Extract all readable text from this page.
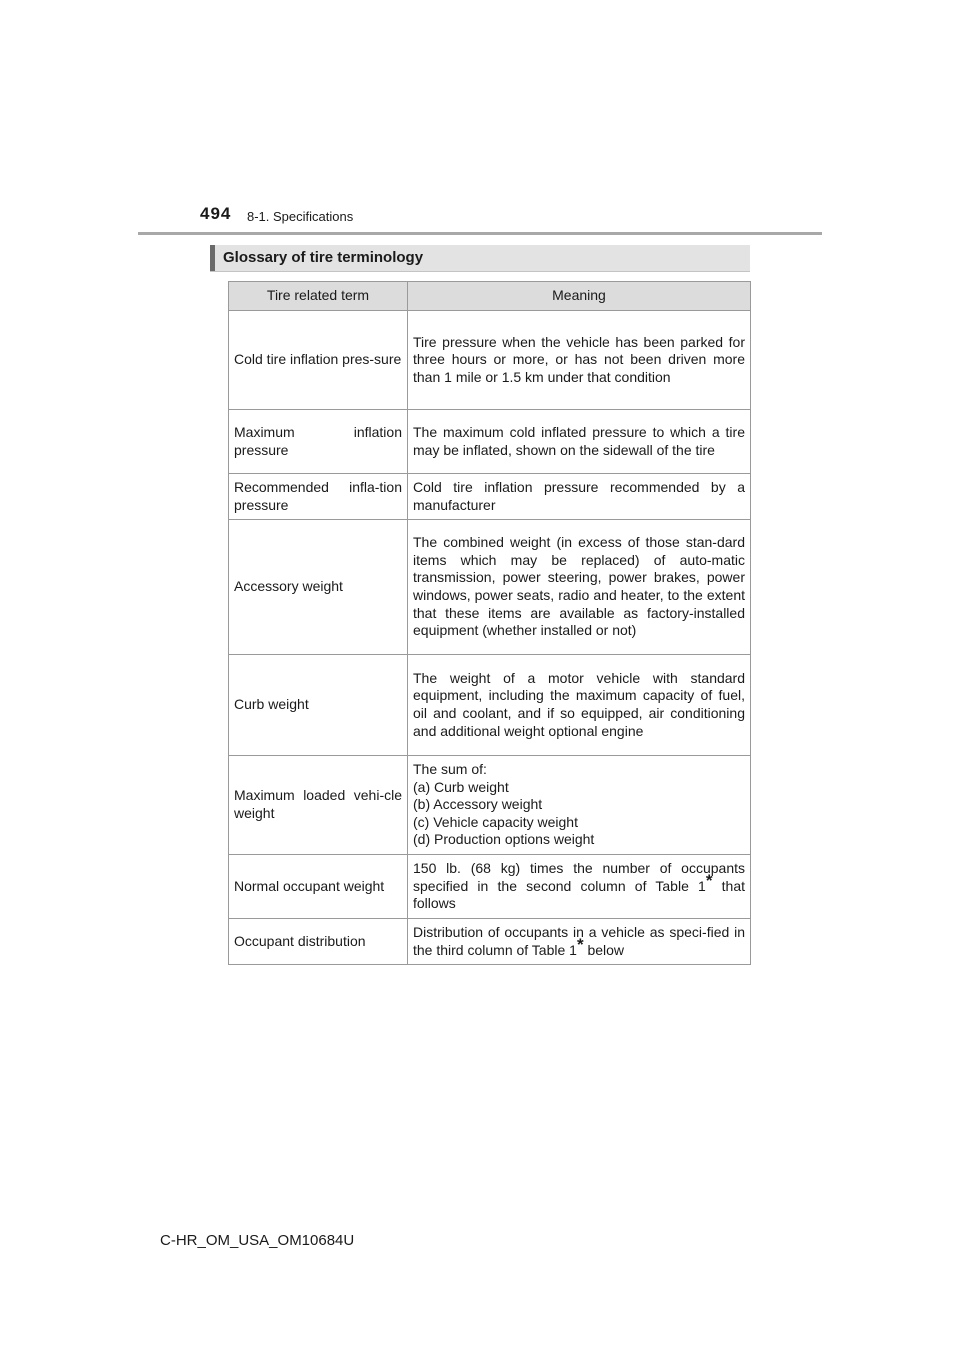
494 8-1. Specifications
Glossary of tire terminology
Tire related term	Meaning
Cold tire inflation pres-sure	Tire pressure when the vehicle has been parked for three hours or more, or has not been driven more than 1 mile or 1.5 km under that condition
Maximum inflation pressure	The maximum cold inflated pressure to which a tire may be inflated, shown on the sidewall of the tire
Recommended infla-tion pressure	Cold tire inflation pressure recommended by a manufacturer
Accessory weight	The combined weight (in excess of those stan-dard items which may be replaced) of auto-matic transmission, power steering, power brakes, power windows, power seats, radio and heater, to the extent that these items are available as factory-installed equipment (whether installed or not)
Curb weight	The weight of a motor vehicle with standard equipment, including the maximum capacity of fuel, oil and coolant, and if so equipped, air conditioning and additional weight optional engine
Maximum loaded vehi-cle weight	The sum of:
(a) Curb weight
(b) Accessory weight
(c) Vehicle capacity weight
(d) Production options weight

Normal occupant weight	150 lb. (68 kg) times the number of occupants specified in the second column of Table 1* that follows
Occupant distribution	Distribution of occupants in a vehicle as speci-fied in the third column of Table 1* below
C-HR_OM_USA_OM10684U
